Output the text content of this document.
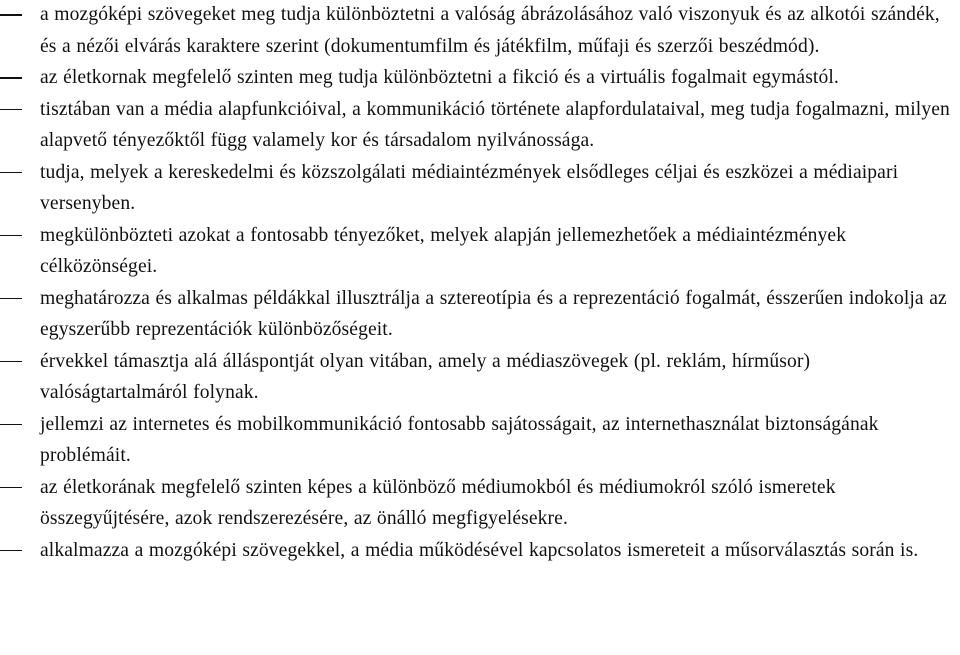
a mozgóképi szövegeket meg tudja különböztetni a valóság ábrázolásához való viszonyuk és az alkotói szándék, és a nézői elvárás karaktere szerint (dokumentumfilm és játékfilm, műfaji és szerzői beszédmód).
az életkornak megfelelő szinten meg tudja különböztetni a fikció és a virtuális fogalmait egymástól.
tisztában van a média alapfunkcióival, a kommunikáció története alapfordulataival, meg tudja fogalmazni, milyen alapvető tényezőktől függ valamely kor és társadalom nyilvánossága.
tudja, melyek a kereskedelmi és közszolgálati médiaintézmények elsődleges céljai és eszközei a médiaipari versenyben.
megkülönbözteti azokat a fontosabb tényezőket, melyek alapján jellemezhetőek a médiaintézmények célközönségei.
meghatározza és alkalmas példákkal illusztrálja a sztereotípia és a reprezentáció fogalmát, ésszerűen indokolja az egyszerűbb reprezentációk különbözőségeit.
érvekkel támasztja alá álláspontját olyan vitában, amely a médiaszövegek (pl. reklám, hírműsor) valóságtartalmáról folynak.
jellemzi az internetes és mobilkommunikáció fontosabb sajátosságait, az internethasználat biztonságának problémáit.
az életkorának megfelelő szinten képes a különböző médiumokból és médiumokról szóló ismeretek összegyűjtésére, azok rendszerezésére, az önálló megfigyelésekre.
alkalmazza a mozgóképi szövegekkel, a média működésével kapcsolatos ismereteit a műsorválasztás során is.
